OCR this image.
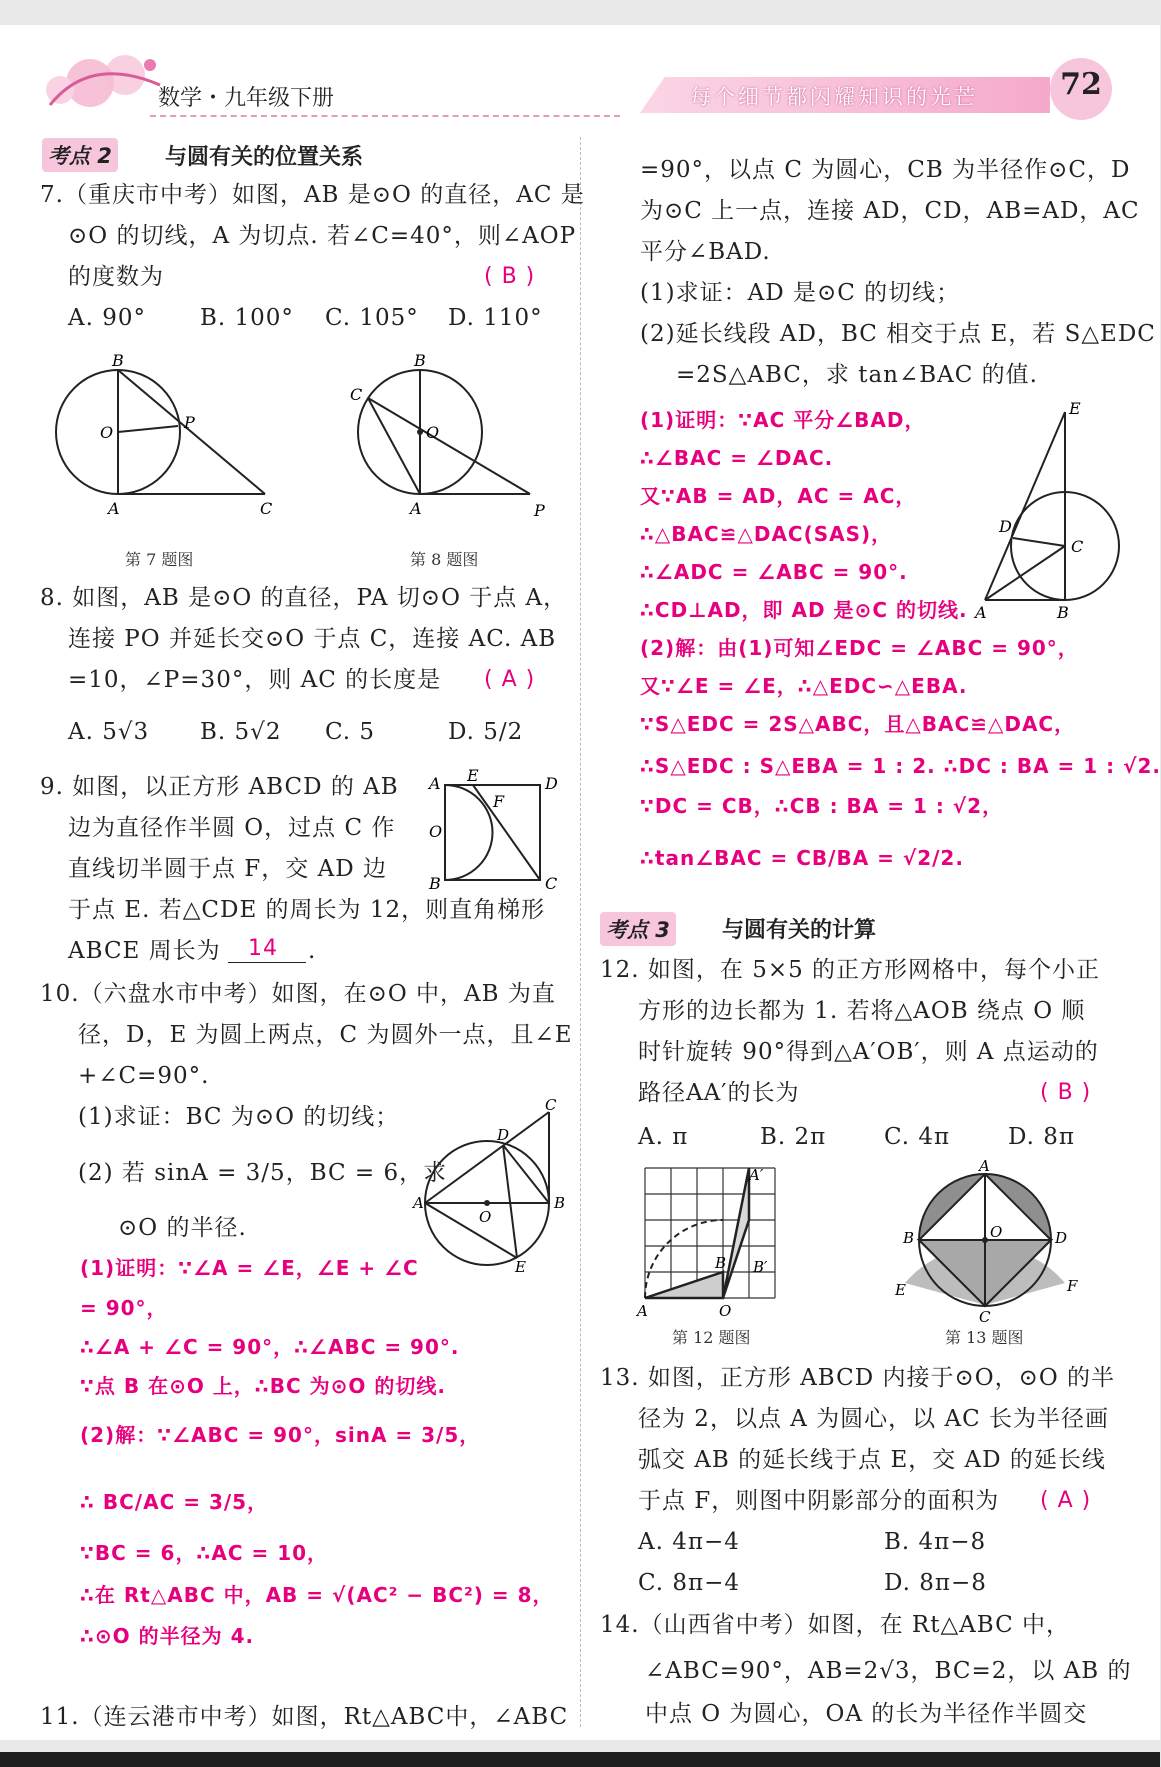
数学・九年级下册	每个细节都闪耀知识的光芒	72
考点 2 与圆有关的位置关系
7.（重庆市中考）如图，AB 是⊙O 的直径，AC 是
⊙O 的切线，A 为切点. 若∠C=40°，则∠AOP
的度数为	( B )
A. 90° B. 100° C. 105° D. 110°
B
O
P
A	C
第 7 题图
B
O
C
A	P
第 8 题图
8. 如图，AB 是⊙O 的直径，PA 切⊙O 于点 A，
连接 PO 并延长交⊙O 于点 C，连接 AC. AB
=10，∠P=30°，则 AC 的长度是 ( A )
A. 5√3 B. 5√2 C. 5	D. 5/2
9. 如图，以正方形 ABCD 的 AB
边为直径作半圆 O，过点 C 作
直线切半圆于点 F，交 AD 边
于点 E. 若△CDE 的周长为 12，则直角梯形
ABCE 周长为 14 .
A E
F
D
O
B	C
10.（六盘水市中考）如图，在⊙O 中，AB 为直
径，D，E 为圆上两点，C 为圆外一点，且∠E
+∠C=90°.
(1)求证：BC 为⊙O 的切线；
(2) 若 sinA = 3/5，BC = 6，求
⊙O 的半径.
C
D
A
O
B
E
(1)证明：∵∠A = ∠E，∠E + ∠C
= 90°，
∴∠A + ∠C = 90°，∴∠ABC = 90°.
∵点 B 在⊙O 上，∴BC 为⊙O 的切线.
(2)解：∵∠ABC = 90°，sinA = 3/5，
∴ BC/AC = 3/5，
∵BC = 6，∴AC = 10，
∴在 Rt△ABC 中，AB = √(AC² − BC²) = 8，
∴⊙O 的半径为 4.
11.（连云港市中考）如图，Rt△ABC中，∠ABC
=90°，以点 C 为圆心，CB 为半径作⊙C，D
为⊙C 上一点，连接 AD，CD，AB=AD，AC
平分∠BAD.
(1)求证：AD 是⊙C 的切线；
(2)延长线段 AD，BC 相交于点 E，若 S△EDC
=2S△ABC，求 tan∠BAC 的值.
(1)证明：∵AC 平分∠BAD，
∴∠BAC = ∠DAC.
又∵AB = AD，AC = AC，
∴△BAC≌△DAC(SAS)，
∴∠ADC = ∠ABC = 90°.
∴CD⊥AD，即 AD 是⊙C 的切线.
(2)解：由(1)可知∠EDC = ∠ABC = 90°，
又∵∠E = ∠E，∴△EDC∽△EBA.
∵S△EDC = 2S△ABC，且△BAC≌△DAC，
∴S△EDC : S△EBA = 1 : 2. ∴DC : BA = 1 : √2.
∵DC = CB，∴CB : BA = 1 : √2，
∴tan∠BAC = CB/BA = √2/2.
E
D
C
A	B
考点 3 与圆有关的计算
12. 如图，在 5×5 的正方形网格中，每个小正
方形的边长都为 1. 若将△AOB 绕点 O 顺
时针旋转 90°得到△A′OB′，则 A 点运动的
路径AA′的长为	( B )
A. π	B. 2π	C. 4π	D. 8π
A	O
B B′
A′
第 12 题图
A
O
B	D
E	F
C
第 13 题图
13. 如图，正方形 ABCD 内接于⊙O，⊙O 的半
径为 2，以点 A 为圆心，以 AC 长为半径画
弧交 AB 的延长线于点 E，交 AD 的延长线
于点 F，则图中阴影部分的面积为 ( A )
A. 4π−4	B. 4π−8
C. 8π−4	D. 8π−8
14.（山西省中考）如图，在 Rt△ABC 中，
∠ABC=90°，AB=2√3，BC=2，以 AB 的
中点 O 为圆心，OA 的长为半径作半圆交
